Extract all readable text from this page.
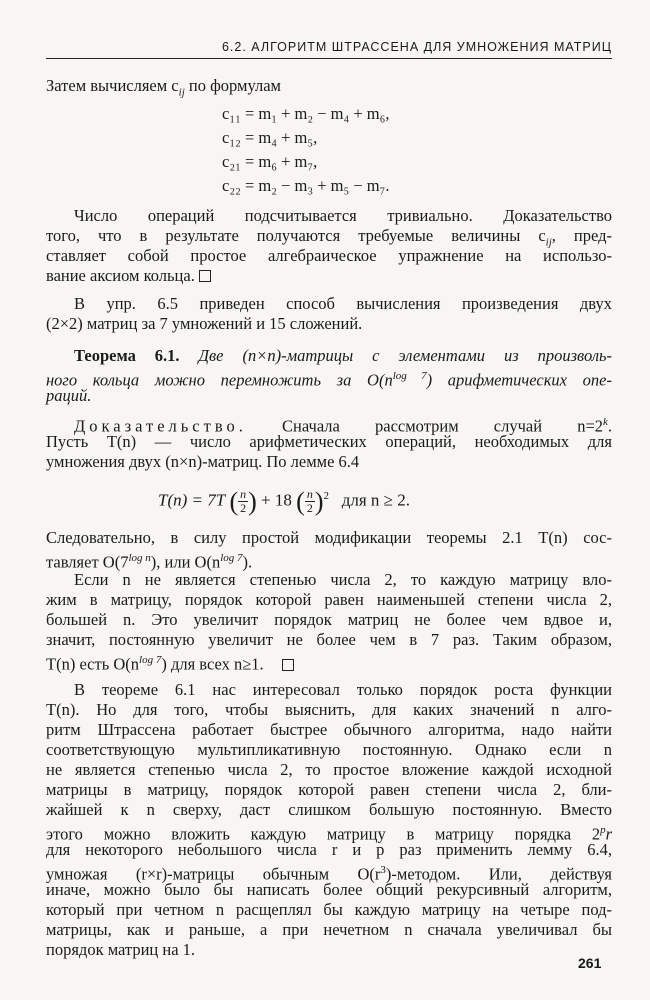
6.2. АЛГОРИТМ ШТРАССЕНА ДЛЯ УМНОЖЕНИЯ МАТРИЦ
Затем вычисляем $c_{ij}$ по формулам
c₁₁ = m₁ + m₂ − m₄ + m₆,
c₁₂ = m₄ + m₅,
c₂₁ = m₆ + m₇,
c₂₂ = m₂ − m₃ + m₅ − m₇.
Число операций подсчитывается тривиально. Доказательство
того, что в результате получаются требуемые величины $c_{ij}$, пред-
ставляет собой простое алгебраическое упражнение на использо-
вание аксиом кольца.
В упр. 6.5 приведен способ вычисления произведения двух
(2×2) матриц за 7 умножений и 15 сложений.
Теорема 6.1. Две (n×n)-матрицы с элементами из произволь-
ного кольца можно перемножить за $O(n^{log 7})$ арифметических опе-
раций.
Доказательство. Сначала рассмотрим случай $n=2^k$.
Пусть T(n) — число арифметических операций, необходимых для
умножения двух (n×n)-матриц. По лемме 6.4
T(n) = 7T ( $\frac{n}{2}$ ) + 18 ( $\frac{n}{2} )^2$ для n ≥ 2.
Следовательно, в силу простой модификации теоремы 2.1 T(n) сос-
тавляет $O(7^{log n})$, или $O(n^{log 7})$.
Если n не является степенью числа 2, то каждую матрицу вло-
жим в матрицу, порядок которой равен наименьшей степени числа 2,
большей n. Это увеличит порядок матриц не более чем вдвое и,
значит, постоянную увеличит не более чем в 7 раз. Таким образом,
T(n) есть $O(n^{log 7})$ для всех n≥1.
В теореме 6.1 нас интересовал только порядок роста функции
T(n). Но для того, чтобы выяснить, для каких значений n алго-
ритм Штрассена работает быстрее обычного алгоритма, надо найти
соответствующую мультипликативную постоянную. Однако если n
не является степенью числа 2, то простое вложение каждой исходной
матрицы в матрицу, порядок которой равен степени числа 2, бли-
жайшей к n сверху, даст слишком большую постоянную. Вместо
этого можно вложить каждую матрицу в матрицу порядка 2$^p$r
для некоторого небольшого числа r и p раз применить лемму 6.4,
умножая (r×r)-матрицы обычным $O(r^3)$-методом. Или, действуя
иначе, можно было бы написать более общий рекурсивный алгоритм,
который при четном n расщеплял бы каждую матрицу на четыре под-
матрицы, как и раньше, а при нечетном n сначала увеличивал бы
порядок матриц на 1.
261
